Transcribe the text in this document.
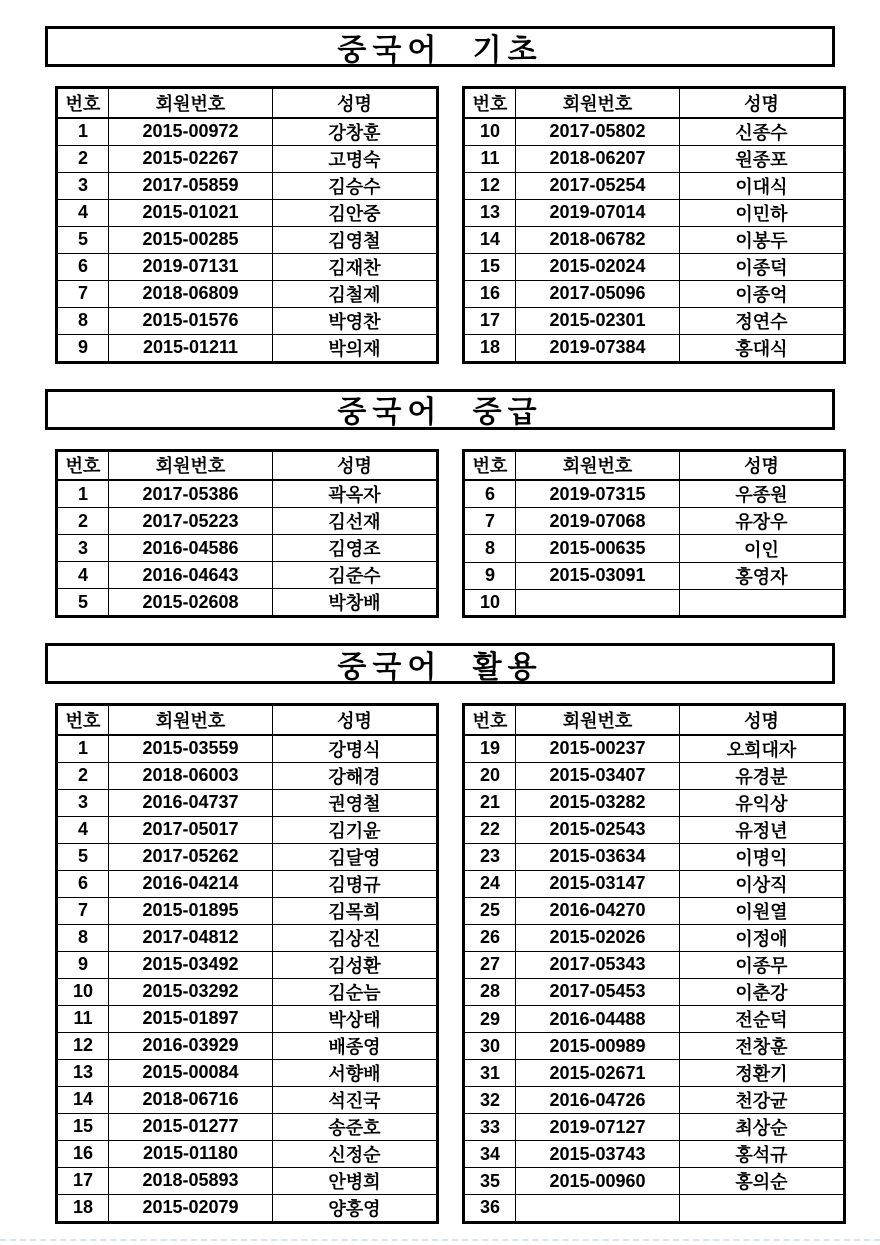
중국어 기초
번호	회원번호	성명
1	2015-00972	강창훈
2	2015-02267	고명숙
3	2017-05859	김승수
4	2015-01021	김안중
5	2015-00285	김영철
6	2019-07131	김재찬
7	2018-06809	김철제
8	2015-01576	박영찬
9	2015-01211	박의재
번호	회원번호	성명
10	2017-05802	신종수
11	2018-06207	원종포
12	2017-05254	이대식
13	2019-07014	이민하
14	2018-06782	이봉두
15	2015-02024	이종덕
16	2017-05096	이종억
17	2015-02301	정연수
18	2019-07384	홍대식
중국어 중급
번호	회원번호	성명
1	2017-05386	곽옥자
2	2017-05223	김선재
3	2016-04586	김영조
4	2016-04643	김준수
5	2015-02608	박창배
번호	회원번호	성명
6	2019-07315	우종원
7	2019-07068	유장우
8	2015-00635	이인
9	2015-03091	홍영자
10		
중국어 활용
번호	회원번호	성명
1	2015-03559	강명식
2	2018-06003	강해경
3	2016-04737	권영철
4	2017-05017	김기윤
5	2017-05262	김달영
6	2016-04214	김명규
7	2015-01895	김목희
8	2017-04812	김상진
9	2015-03492	김성환
10	2015-03292	김순늠
11	2015-01897	박상태
12	2016-03929	배종영
13	2015-00084	서향배
14	2018-06716	석진국
15	2015-01277	송준호
16	2015-01180	신정순
17	2018-05893	안병희
18	2015-02079	양홍영
번호	회원번호	성명
19	2015-00237	오희대자
20	2015-03407	유경분
21	2015-03282	유익상
22	2015-02543	유정년
23	2015-03634	이명익
24	2015-03147	이상직
25	2016-04270	이원열
26	2015-02026	이정애
27	2017-05343	이종무
28	2017-05453	이춘강
29	2016-04488	전순덕
30	2015-00989	전창훈
31	2015-02671	정환기
32	2016-04726	천강균
33	2019-07127	최상순
34	2015-03743	홍석규
35	2015-00960	홍의순
36		
